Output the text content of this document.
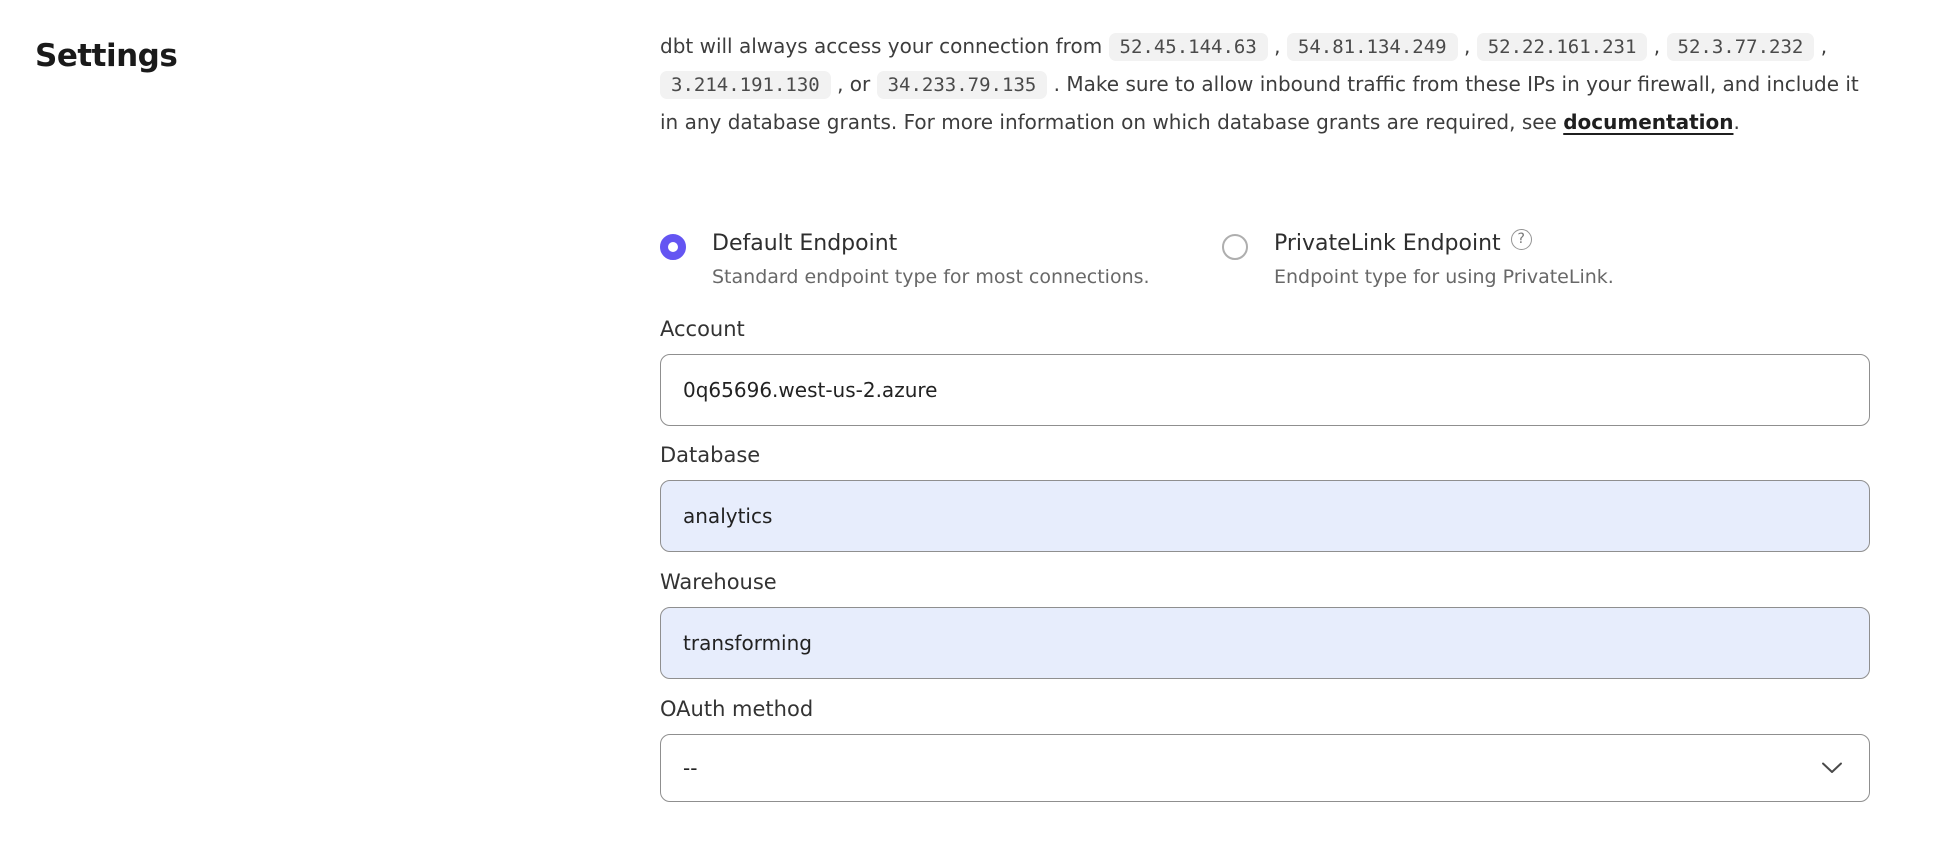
Settings	dbt will always access your connection from 52.45.144.63 , 54.81.134.249 , 52.22.161.231 , 52.3.77.232 , 3.214.191.130 , or 34.233.79.135 . Make sure to allow inbound traffic from these IPs in your firewall, and include it in any database grants. For more information on which database grants are required, see documentation.

Default Endpoint
Standard endpoint type for most connections.
PrivateLink Endpoint	?
Endpoint type for using PrivateLink.
Account
0q65696.west-us-2.azure
Database
analytics
Warehouse
transforming
OAuth method
--
